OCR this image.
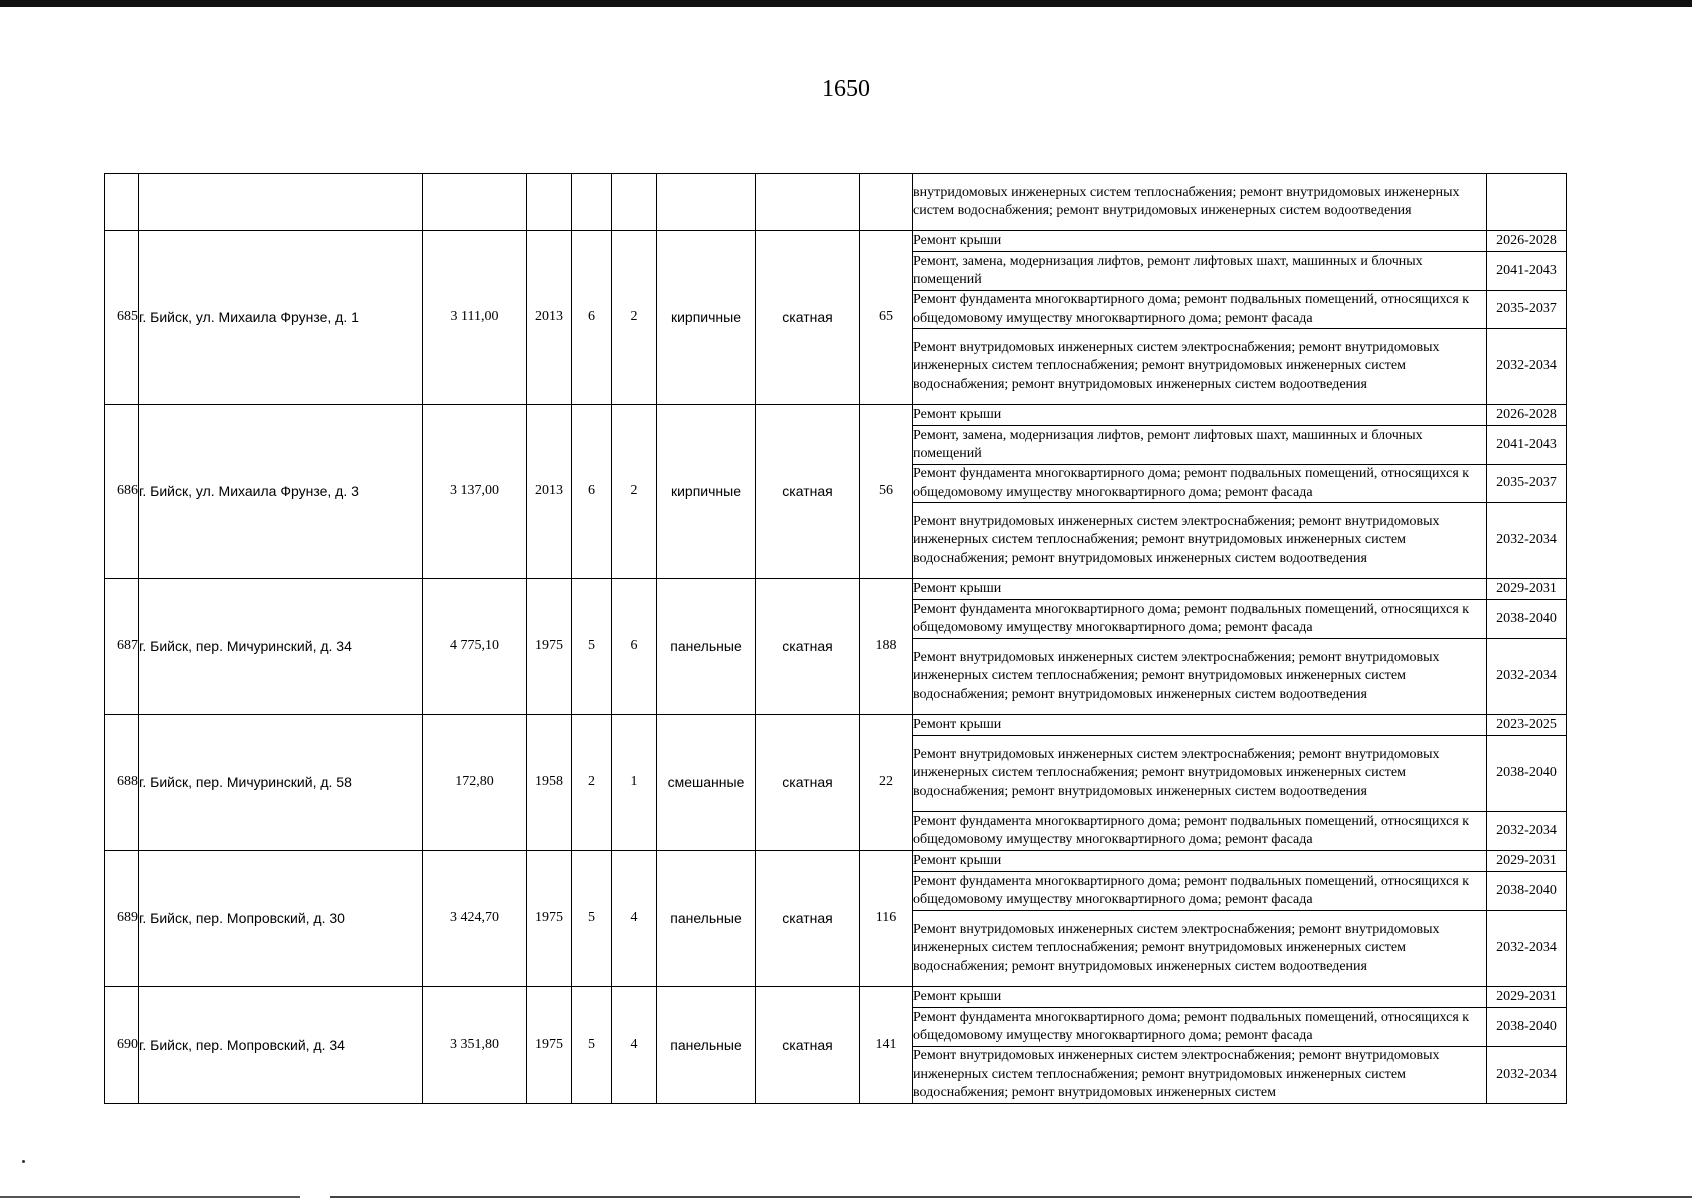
1650
									внутридомовых инженерных систем теплоснабжения; ремонт внутридомовых инженерных систем водоснабжения; ремонт внутридомовых инженерных систем водоотведения	
685	г. Бийск, ул. Михаила Фрунзе, д. 1	3 111,00	2013	6	2	кирпичные	скатная	65	Ремонт крыши	2026-2028
									Ремонт, замена, модернизация лифтов, ремонт лифтовых шахт, машинных и блочных помещений	2041-2043
									Ремонт фундамента многоквартирного дома; ремонт подвальных помещений, относящихся к общедомовому имуществу многоквартирного дома; ремонт фасада	2035-2037
									Ремонт внутридомовых инженерных систем электроснабжения; ремонт внутридомовых инженерных систем теплоснабжения; ремонт внутридомовых инженерных систем водоснабжения; ремонт внутридомовых инженерных систем водоотведения	2032-2034
686	г. Бийск, ул. Михаила Фрунзе, д. 3	3 137,00	2013	6	2	кирпичные	скатная	56	Ремонт крыши	2026-2028
									Ремонт, замена, модернизация лифтов, ремонт лифтовых шахт, машинных и блочных помещений	2041-2043
									Ремонт фундамента многоквартирного дома; ремонт подвальных помещений, относящихся к общедомовому имуществу многоквартирного дома; ремонт фасада	2035-2037
									Ремонт внутридомовых инженерных систем электроснабжения; ремонт внутридомовых инженерных систем теплоснабжения; ремонт внутридомовых инженерных систем водоснабжения; ремонт внутридомовых инженерных систем водоотведения	2032-2034
687	г. Бийск, пер. Мичуринский, д. 34	4 775,10	1975	5	6	панельные	скатная	188	Ремонт крыши	2029-2031
									Ремонт фундамента многоквартирного дома; ремонт подвальных помещений, относящихся к общедомовому имуществу многоквартирного дома; ремонт фасада	2038-2040
									Ремонт внутридомовых инженерных систем электроснабжения; ремонт внутридомовых инженерных систем теплоснабжения; ремонт внутридомовых инженерных систем водоснабжения; ремонт внутридомовых инженерных систем водоотведения	2032-2034
688	г. Бийск, пер. Мичуринский, д. 58	172,80	1958	2	1	смешанные	скатная	22	Ремонт крыши	2023-2025
									Ремонт внутридомовых инженерных систем электроснабжения; ремонт внутридомовых инженерных систем теплоснабжения; ремонт внутридомовых инженерных систем водоснабжения; ремонт внутридомовых инженерных систем водоотведения	2038-2040
									Ремонт фундамента многоквартирного дома; ремонт подвальных помещений, относящихся к общедомовому имуществу многоквартирного дома; ремонт фасада	2032-2034
689	г. Бийск, пер. Мопровский, д. 30	3 424,70	1975	5	4	панельные	скатная	116	Ремонт крыши	2029-2031
									Ремонт фундамента многоквартирного дома; ремонт подвальных помещений, относящихся к общедомовому имуществу многоквартирного дома; ремонт фасада	2038-2040
									Ремонт внутридомовых инженерных систем электроснабжения; ремонт внутридомовых инженерных систем теплоснабжения; ремонт внутридомовых инженерных систем водоснабжения; ремонт внутридомовых инженерных систем водоотведения	2032-2034
690	г. Бийск, пер. Мопровский, д. 34	3 351,80	1975	5	4	панельные	скатная	141	Ремонт крыши	2029-2031
									Ремонт фундамента многоквартирного дома; ремонт подвальных помещений, относящихся к общедомовому имуществу многоквартирного дома; ремонт фасада	2038-2040
									Ремонт внутридомовых инженерных систем электроснабжения; ремонт внутридомовых инженерных систем теплоснабжения; ремонт внутридомовых инженерных систем водоснабжения; ремонт внутридомовых инженерных систем	2032-2034
